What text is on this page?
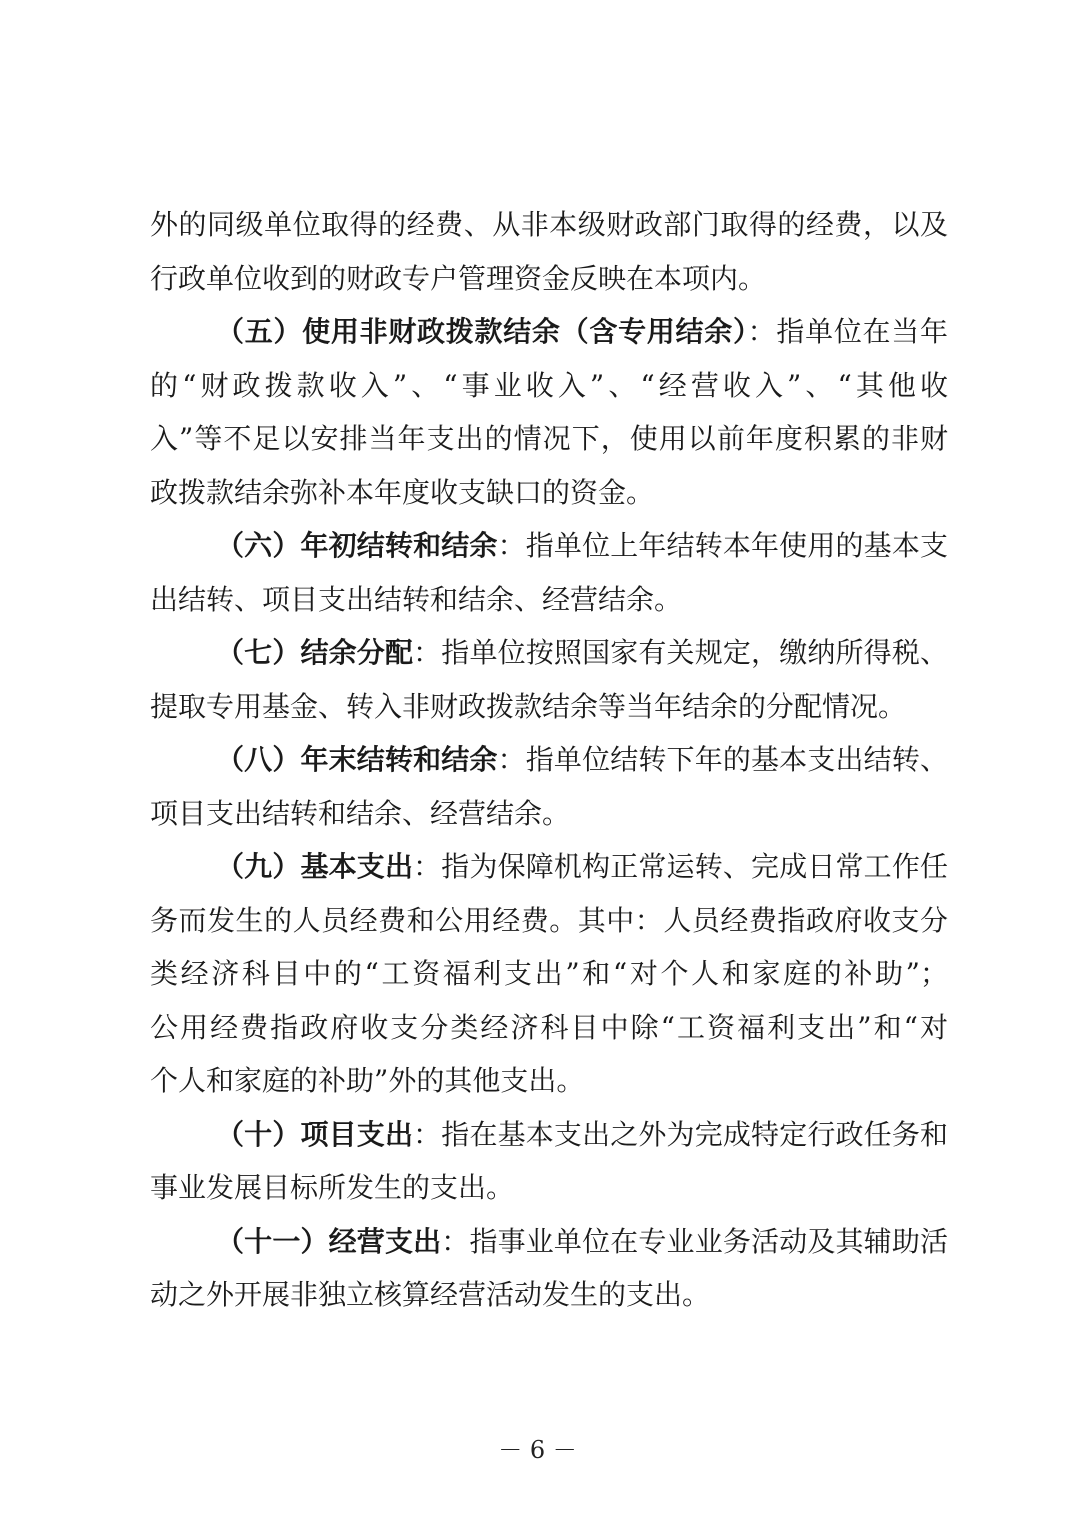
外的同级单位取得的经费、从非本级财政部门取得的经费，以及
行政单位收到的财政专户管理资金反映在本项内。
（五）使用非财政拨款结余（含专用结余）：指单位在当年
的“财政拨款收入”、“事业收入”、“经营收入”、“其他收
入”等不足以安排当年支出的情况下，使用以前年度积累的非财
政拨款结余弥补本年度收支缺口的资金。
（六）年初结转和结余：指单位上年结转本年使用的基本支
出结转、项目支出结转和结余、经营结余。
（七）结余分配：指单位按照国家有关规定，缴纳所得税、
提取专用基金、转入非财政拨款结余等当年结余的分配情况。
（八）年末结转和结余：指单位结转下年的基本支出结转、
项目支出结转和结余、经营结余。
（九）基本支出：指为保障机构正常运转、完成日常工作任
务而发生的人员经费和公用经费。其中：人员经费指政府收支分
类经济科目中的“工资福利支出”和“对个人和家庭的补助”；
公用经费指政府收支分类经济科目中除“工资福利支出”和“对
个人和家庭的补助”外的其他支出。
（十）项目支出：指在基本支出之外为完成特定行政任务和
事业发展目标所发生的支出。
（十一）经营支出：指事业单位在专业业务活动及其辅助活
动之外开展非独立核算经营活动发生的支出。
－ 6 －
